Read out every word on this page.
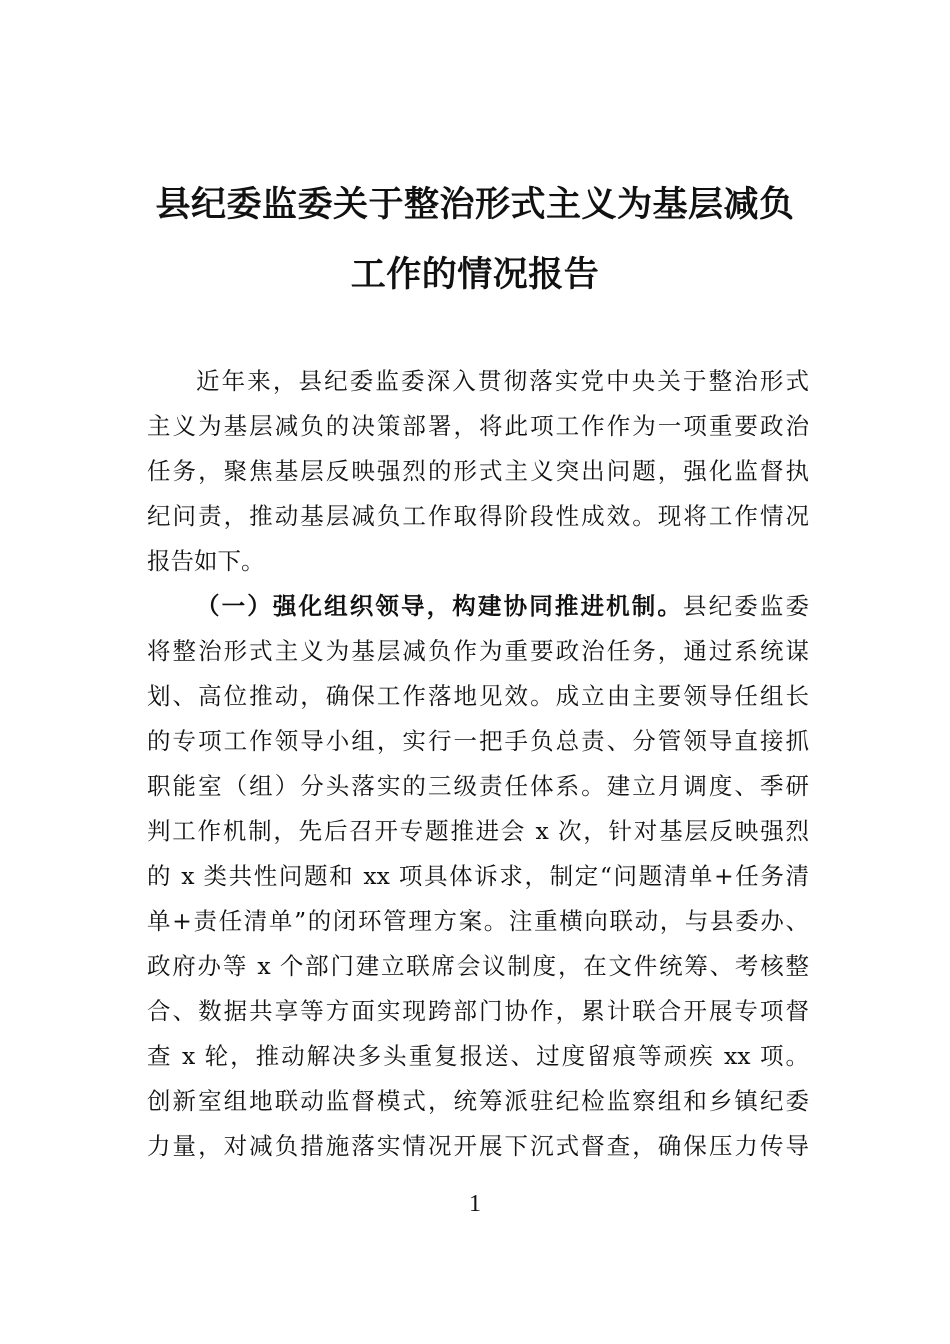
县纪委监委关于整治形式主义为基层减负
工作的情况报告
近年来，县纪委监委深入贯彻落实党中央关于整治形式
主义为基层减负的决策部署，将此项工作作为一项重要政治
任务，聚焦基层反映强烈的形式主义突出问题，强化监督执
纪问责，推动基层减负工作取得阶段性成效。现将工作情况
报告如下。
（一）强化组织领导，构建协同推进机制。县纪委监委
将整治形式主义为基层减负作为重要政治任务，通过系统谋
划、高位推动，确保工作落地见效。成立由主要领导任组长
的专项工作领导小组，实行一把手负总责、分管领导直接抓
职能室（组）分头落实的三级责任体系。建立月调度、季研
判工作机制，先后召开专题推进会 x 次，针对基层反映强烈
的 x 类共性问题和 xx 项具体诉求，制定“问题清单+任务清
单+责任清单”的闭环管理方案。注重横向联动，与县委办、
政府办等 x 个部门建立联席会议制度，在文件统筹、考核整
合、数据共享等方面实现跨部门协作，累计联合开展专项督
查 x 轮，推动解决多头重复报送、过度留痕等顽疾 xx 项。
创新室组地联动监督模式，统筹派驻纪检监察组和乡镇纪委
力量，对减负措施落实情况开展下沉式督查，确保压力传导
1
